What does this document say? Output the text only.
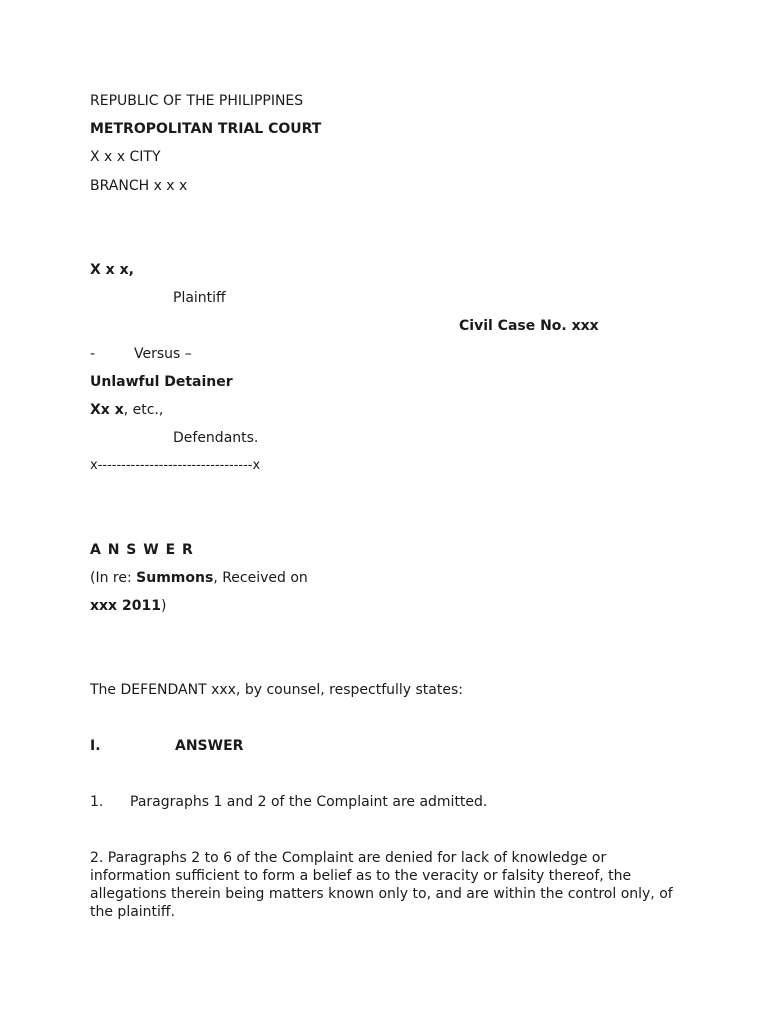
REPUBLIC OF THE PHILIPPINES
METROPOLITAN TRIAL COURT
X x x CITY
BRANCH x x x
X x x,
Plaintiff
Civil Case No. xxx
-	Versus –
Unlawful Detainer
Xx x, etc.,
Defendants.
x---------------------------------x
A N S W E R
(In re: Summons, Received on
xxx 2011)
The DEFENDANT xxx, by counsel, respectfully states:
I.	ANSWER
1. Paragraphs 1 and 2 of the Complaint are admitted.
2. Paragraphs 2 to 6 of the Complaint are denied for lack of knowledge or information sufficient to form a belief as to the veracity or falsity thereof, the allegations therein being matters known only to, and are within the control only, of the plaintiff.
